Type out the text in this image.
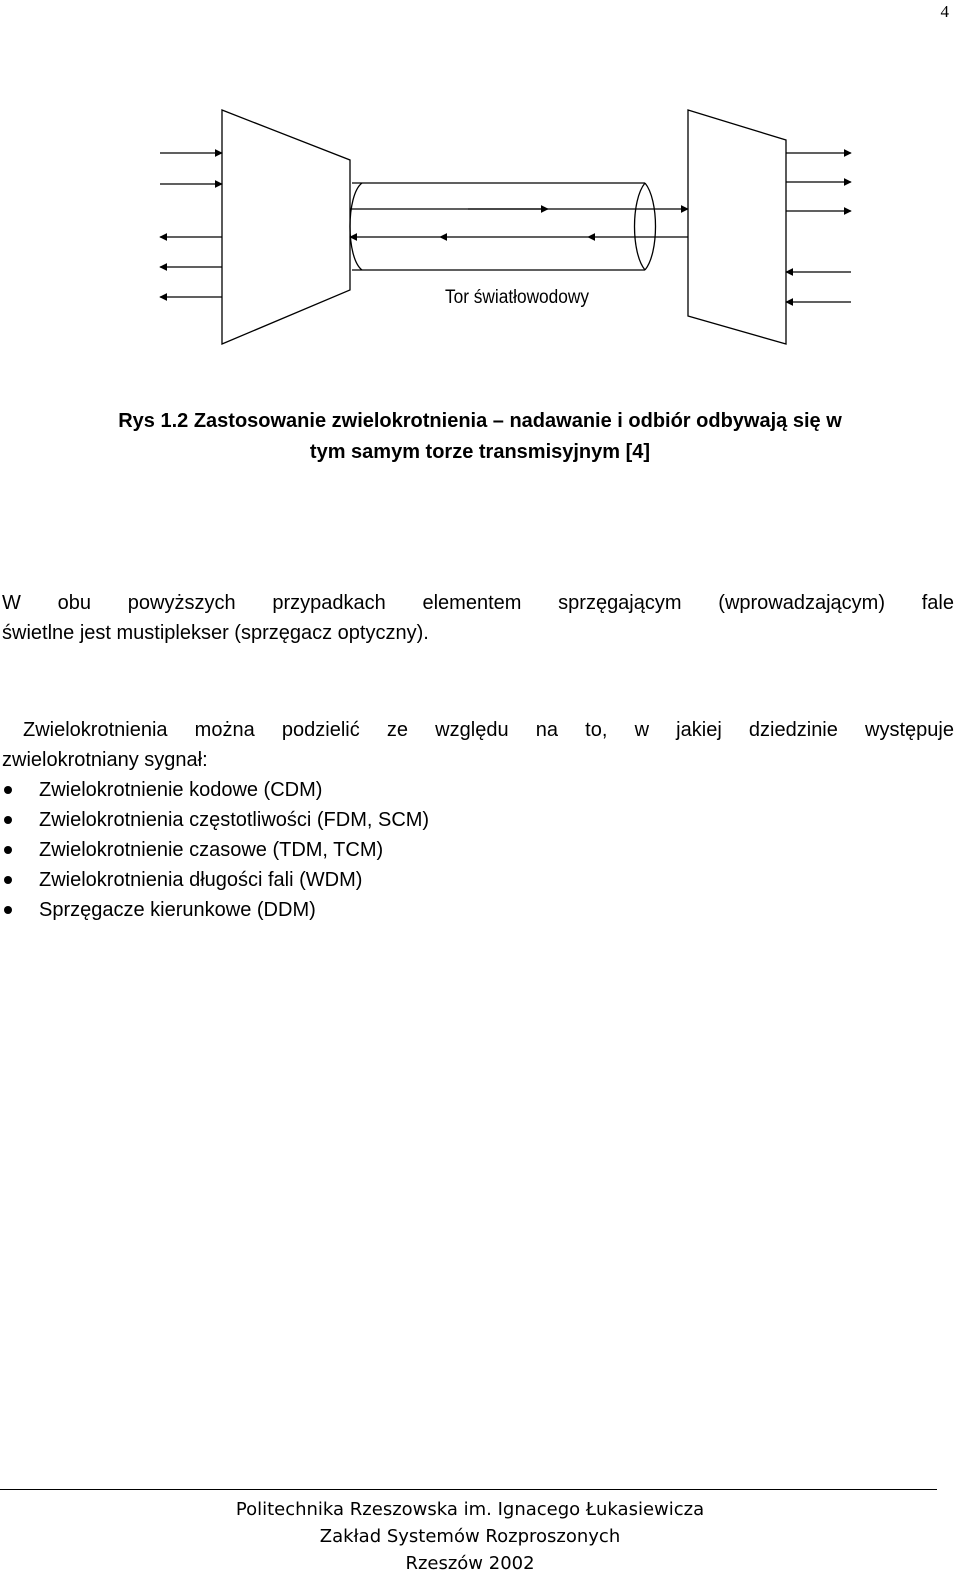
4
Tor światłowodowy
Rys 1.2 Zastosowanie zwielokrotnienia – nadawanie i odbiór odbywają się w
tym samym torze transmisyjnym [4]
W obu powyższych przypadkach elementem sprzęgającym (wprowadzającym) fale
świetlne jest mustiplekser (sprzęgacz optyczny).
Zwielokrotnienia można podzielić ze względu na to, w jakiej dziedzinie występuje
zwielokrotniany sygnał:
Zwielokrotnienie kodowe (CDM)
Zwielokrotnienia częstotliwości (FDM, SCM)
Zwielokrotnienie czasowe (TDM, TCM)
Zwielokrotnienia długości fali (WDM)
Sprzęgacze kierunkowe (DDM)
Politechnika Rzeszowska im. Ignacego Łukasiewicza
Zakład Systemów Rozproszonych
Rzeszów 2002
